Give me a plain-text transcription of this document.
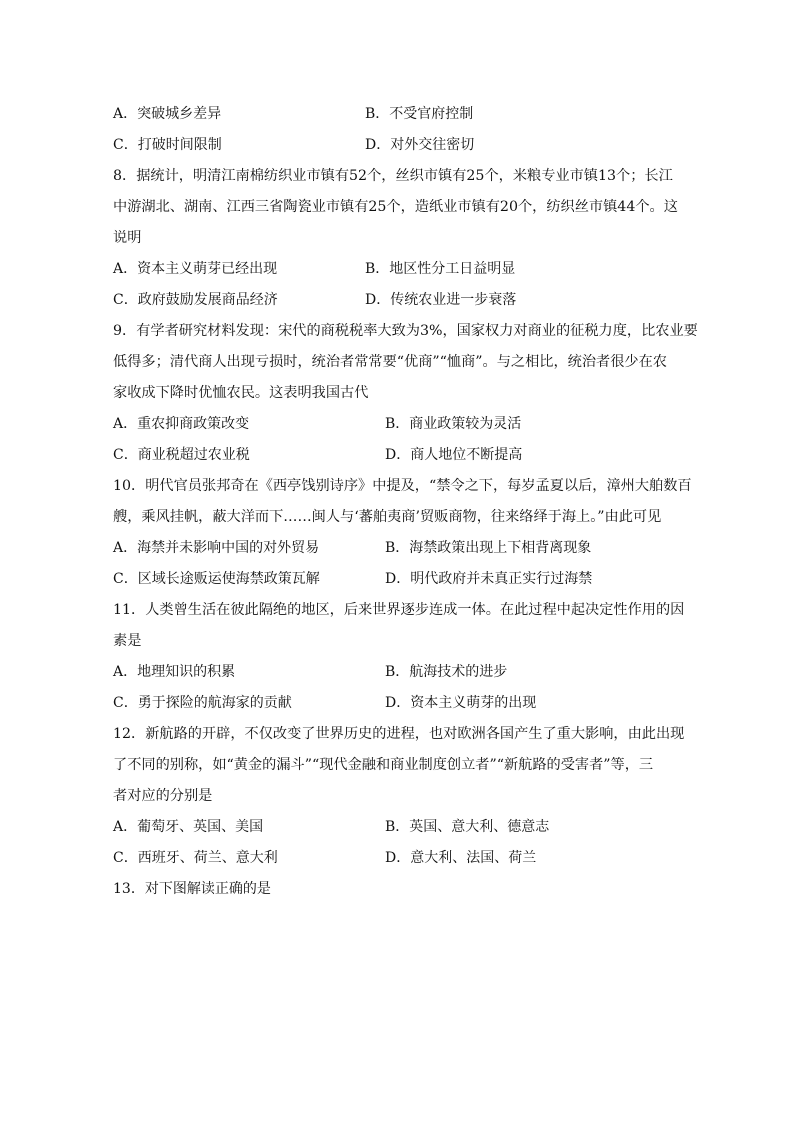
A．突破城乡差异	B．不受官府控制
C．打破时间限制	D．对外交往密切
8．据统计，明清江南棉纺织业市镇有52个，丝织市镇有25个，米粮专业市镇13个；长江
中游湖北、湖南、江西三省陶瓷业市镇有25个，造纸业市镇有20个，纺织丝市镇44个。这
说明
A．资本主义萌芽已经出现	B．地区性分工日益明显
C．政府鼓励发展商品经济	D．传统农业进一步衰落
9．有学者研究材料发现：宋代的商税税率大致为3%，国家权力对商业的征税力度，比农业要
低得多；清代商人出现亏损时，统治者常常要“优商”“恤商”。与之相比，统治者很少在农
家收成下降时优恤农民。这表明我国古代
A．重农抑商政策改变	B．商业政策较为灵活
C．商业税超过农业税	D．商人地位不断提高
10．明代官员张邦奇在《西亭饯别诗序》中提及，“禁令之下，每岁孟夏以后，漳州大舶数百
艘，乘风挂帆，蔽大洋而下……闽人与‘蕃舶夷商’贸贩商物，往来络绎于海上。”由此可见
A．海禁并未影响中国的对外贸易	B．海禁政策出现上下相背离现象
C．区域长途贩运使海禁政策瓦解	D．明代政府并未真正实行过海禁
11．人类曾生活在彼此隔绝的地区，后来世界逐步连成一体。在此过程中起决定性作用的因
素是
A．地理知识的积累	B．航海技术的进步
C．勇于探险的航海家的贡献	D．资本主义萌芽的出现
12．新航路的开辟，不仅改变了世界历史的进程，也对欧洲各国产生了重大影响，由此出现
了不同的别称，如“黄金的漏斗”“现代金融和商业制度创立者”“新航路的受害者”等，三
者对应的分别是
A．葡萄牙、英国、美国	B．英国、意大利、德意志
C．西班牙、荷兰、意大利	D．意大利、法国、荷兰
13．对下图解读正确的是
